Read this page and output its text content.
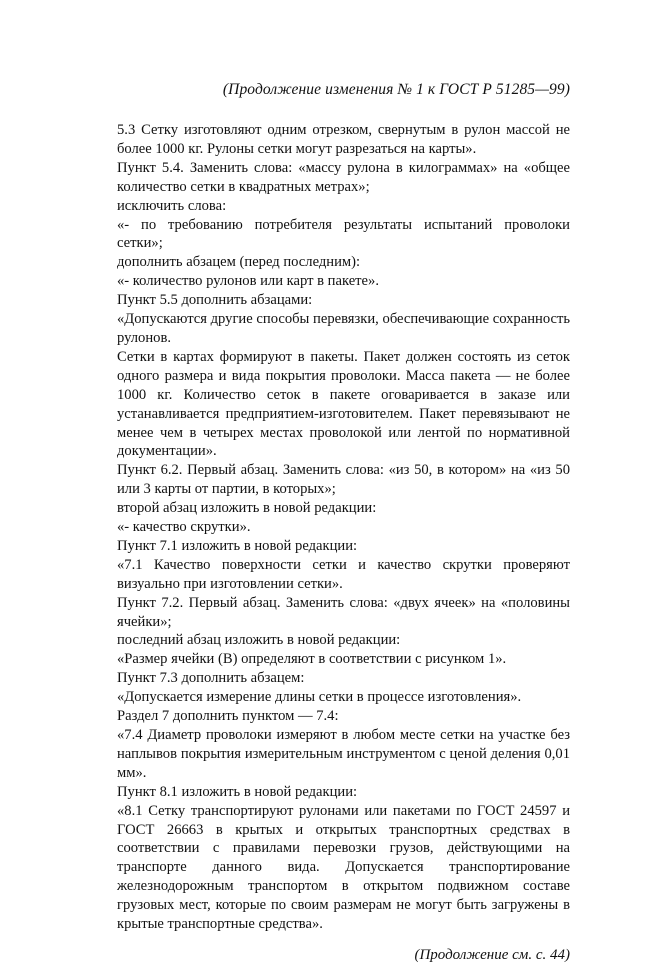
(Продолжение изменения № 1 к ГОСТ Р 51285—99)

5.3 Сетку изготовляют одним отрезком, свернутым в рулон массой не более 1000 кг. Рулоны сетки могут разрезаться на карты».

Пункт 5.4. Заменить слова: «массу рулона в килограммах» на «общее количество сетки в квадратных метрах»;

исключить слова:

«- по требованию потребителя результаты испытаний проволоки сетки»;

дополнить абзацем (перед последним):

«- количество рулонов или карт в пакете».

Пункт 5.5 дополнить абзацами:

«Допускаются другие способы перевязки, обеспечивающие сохранность рулонов.

Сетки в картах формируют в пакеты. Пакет должен состоять из сеток одного размера и вида покрытия проволоки. Масса пакета — не более 1000 кг. Количество сеток в пакете оговаривается в заказе или устанавливается предприятием-изготовителем. Пакет перевязывают не менее чем в четырех местах проволокой или лентой по нормативной документации».

Пункт 6.2. Первый абзац. Заменить слова: «из 50, в котором» на «из 50 или 3 карты от партии, в которых»;

второй абзац изложить в новой редакции:

«- качество скрутки».

Пункт 7.1 изложить в новой редакции:

«7.1 Качество поверхности сетки и качество скрутки проверяют визуально при изготовлении сетки».

Пункт 7.2. Первый абзац. Заменить слова: «двух ячеек» на «половины ячейки»;

последний абзац изложить в новой редакции:

«Размер ячейки (B) определяют в соответствии с рисунком 1».

Пункт 7.3 дополнить абзацем:

«Допускается измерение длины сетки в процессе изготовления».

Раздел 7 дополнить пунктом — 7.4:

«7.4 Диаметр проволоки измеряют в любом месте сетки на участке без наплывов покрытия измерительным инструментом с ценой деления 0,01 мм».

Пункт 8.1 изложить в новой редакции:

«8.1 Сетку транспортируют рулонами или пакетами по ГОСТ 24597 и ГОСТ 26663 в крытых и открытых транспортных средствах в соответствии с правилами перевозки грузов, действующими на транспорте данного вида. Допускается транспортирование железнодорожным транспортом в открытом подвижном составе грузовых мест, которые по своим размерам не могут быть загружены в крытые транспортные средства».

(Продолжение см. с. 44)
